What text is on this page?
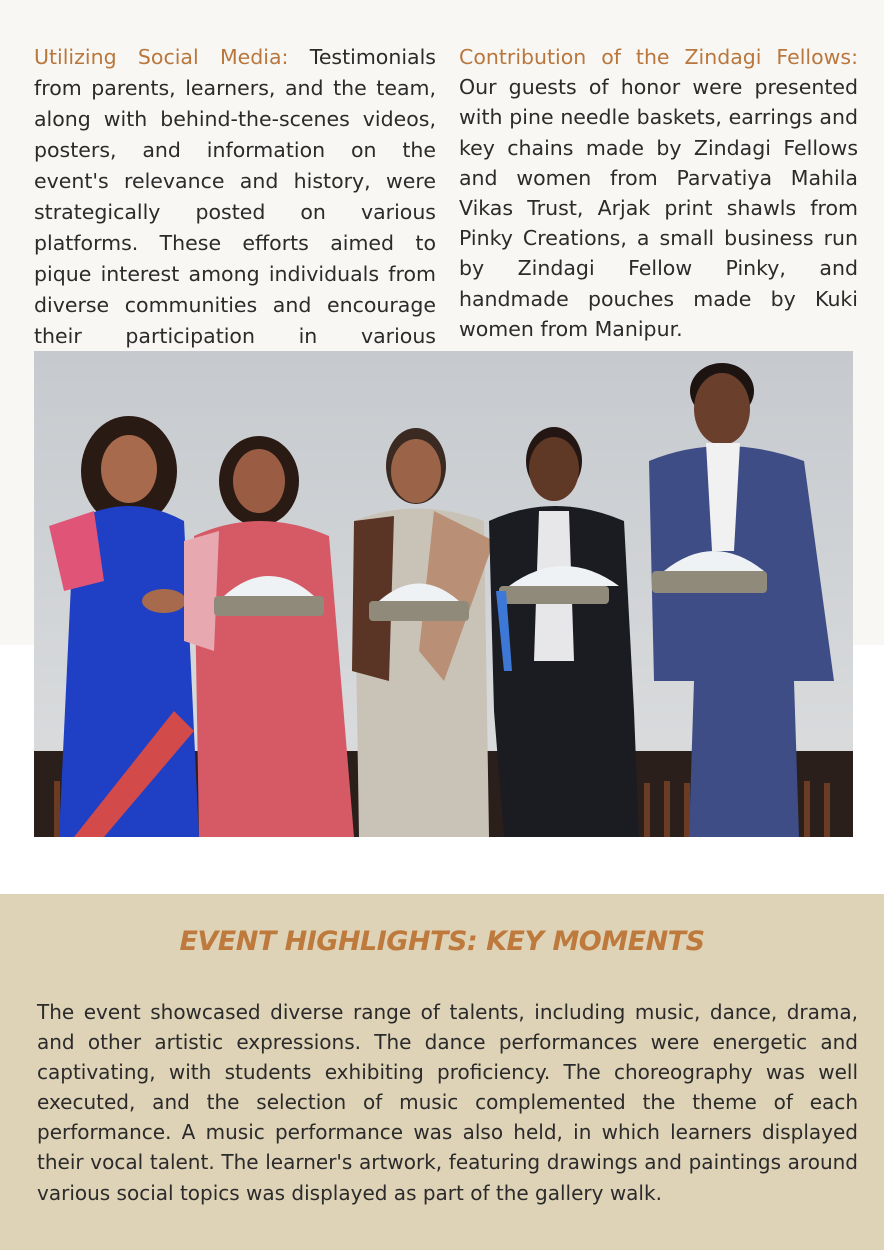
Utilizing Social Media: Testimonials from parents, learners, and the team, along with behind-the-scenes videos, posters, and information on the event's relevance and history, were strategically posted on various platforms. These efforts aimed to pique interest among individuals from diverse communities and encourage their participation in various
Contribution of the Zindagi Fellows: Our guests of honor were presented with pine needle baskets, earrings and key chains made by Zindagi Fellows and women from Parvatiya Mahila Vikas Trust, Arjak print shawls from Pinky Creations, a small business run by Zindagi Fellow Pinky, and handmade pouches made by Kuki women from Manipur.
EVENT HIGHLIGHTS: KEY MOMENTS

The event showcased diverse range of talents, including music, dance, drama, and other artistic expressions. The dance performances were energetic and captivating, with students exhibiting proficiency. The choreography was well executed, and the selection of music complemented the theme of each performance. A music performance was also held, in which learners displayed their vocal talent. The learner's artwork, featuring drawings and paintings around various social topics was displayed as part of the gallery walk.
